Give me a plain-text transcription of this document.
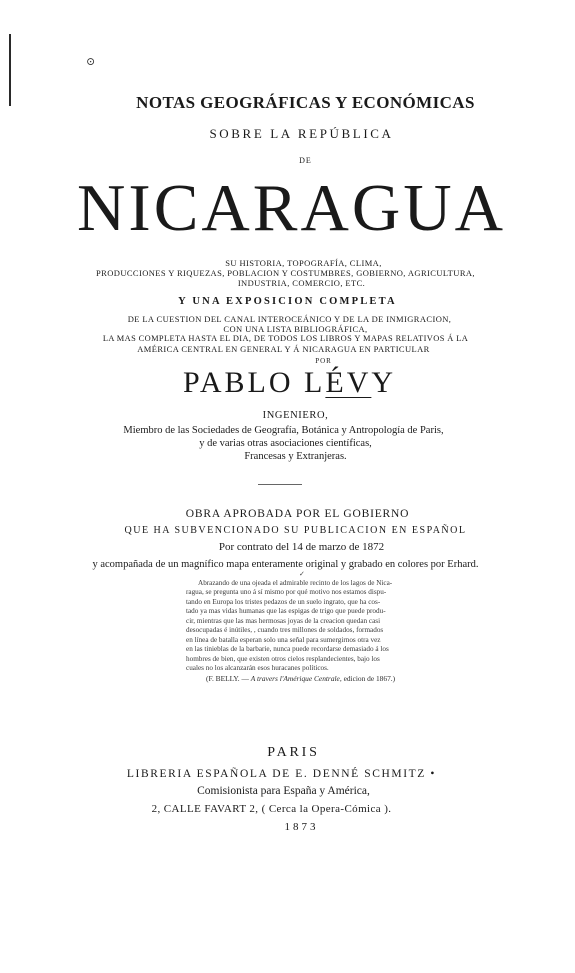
⊙
NOTAS GEOGRÁFICAS Y ECONÓMICAS
SOBRE LA REPÚBLICA
DE
NICARAGUA
SU HISTORIA, TOPOGRAFÍA, CLIMA,
PRODUCCIONES Y RIQUEZAS, POBLACION Y COSTUMBRES, GOBIERNO, AGRICULTURA,
INDUSTRIA, COMERCIO, ETC.
Y UNA EXPOSICION COMPLETA
DE LA CUESTION DEL CANAL INTEROCEÁNICO Y DE LA DE INMIGRACION,
CON UNA LISTA BIBLIOGRÁFICA,
LA MAS COMPLETA HASTA EL DIA, DE TODOS LOS LIBROS Y MAPAS RELATIVOS Á LA
AMÉRICA CENTRAL EN GENERAL Y Á NICARAGUA EN PARTICULAR
POR
PABLO LÉVY
INGENIERO,
Miembro de las Sociedades de Geografía, Botánica y Antropología de Paris,
y de varias otras asociaciones científicas,
Francesas y Extranjeras.
OBRA APROBADA POR EL GOBIERNO
QUE HA SUBVENCIONADO SU PUBLICACION EN ESPAÑOL
Por contrato del 14 de marzo de 1872
y acompañada de un magnífico mapa enteramente original y grabado en colores por Erhard.
✓
Abrazando de una ojeada el admirable recinto de los lagos de Nica-
ragua, se pregunta uno á sí mismo por qué motivo nos estamos dispu-
tando en Europa los tristes pedazos de un suelo ingrato, que ha cos-
tado ya mas vidas humanas que las espigas de trigo que puede produ-
cir, mientras que las mas hermosas joyas de la creacion quedan casi
desocupadas é inútiles, , cuando tres millones de soldados, formados
en línea de batalla esperan solo una señal para sumergirnos otra vez
en las tinieblas de la barbarie, nunca puede recordarse demasiado á los
hombres de bien, que existen otros cielos resplandecientes, bajo los
cuales no los alcanzarán esos huracanes políticos.
(F. BELLY. — A travers l'Amérique Centrale, edicion de 1867.)
PARIS
LIBRERIA ESPAÑOLA DE E. DENNÉ SCHMITZ •
Comisionista para España y América,
2, CALLE FAVART 2, ( Cerca la Opera-Cómica ).
1873
